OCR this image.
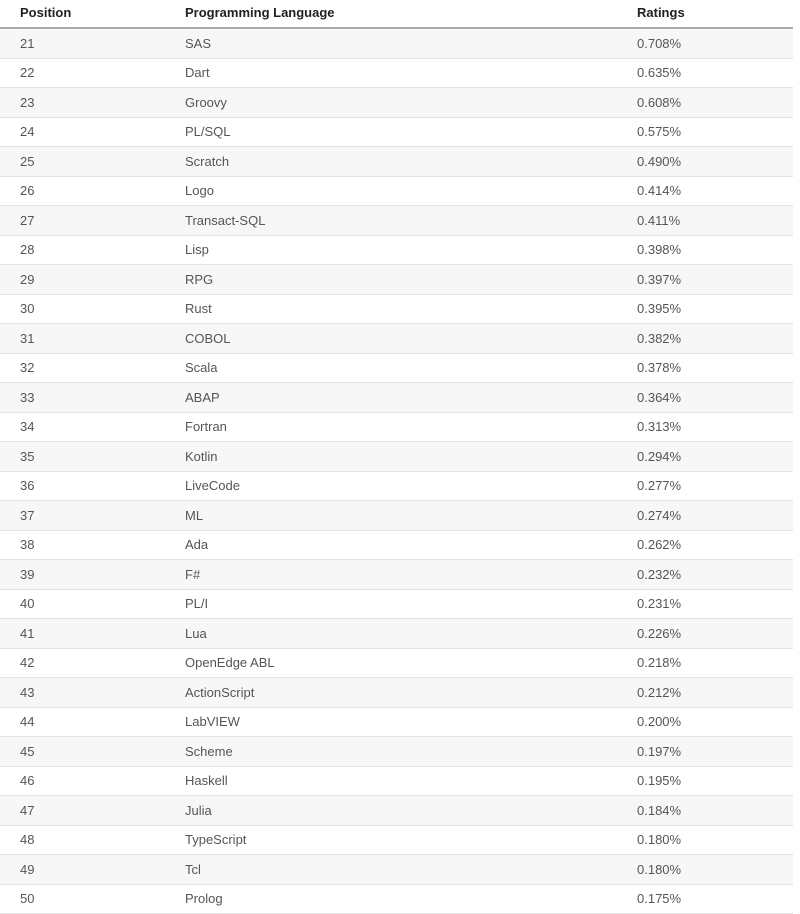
Position	Programming Language	Ratings
21	SAS	0.708%
22	Dart	0.635%
23	Groovy	0.608%
24	PL/SQL	0.575%
25	Scratch	0.490%
26	Logo	0.414%
27	Transact-SQL	0.411%
28	Lisp	0.398%
29	RPG	0.397%
30	Rust	0.395%
31	COBOL	0.382%
32	Scala	0.378%
33	ABAP	0.364%
34	Fortran	0.313%
35	Kotlin	0.294%
36	LiveCode	0.277%
37	ML	0.274%
38	Ada	0.262%
39	F#	0.232%
40	PL/I	0.231%
41	Lua	0.226%
42	OpenEdge ABL	0.218%
43	ActionScript	0.212%
44	LabVIEW	0.200%
45	Scheme	0.197%
46	Haskell	0.195%
47	Julia	0.184%
48	TypeScript	0.180%
49	Tcl	0.180%
50	Prolog	0.175%
